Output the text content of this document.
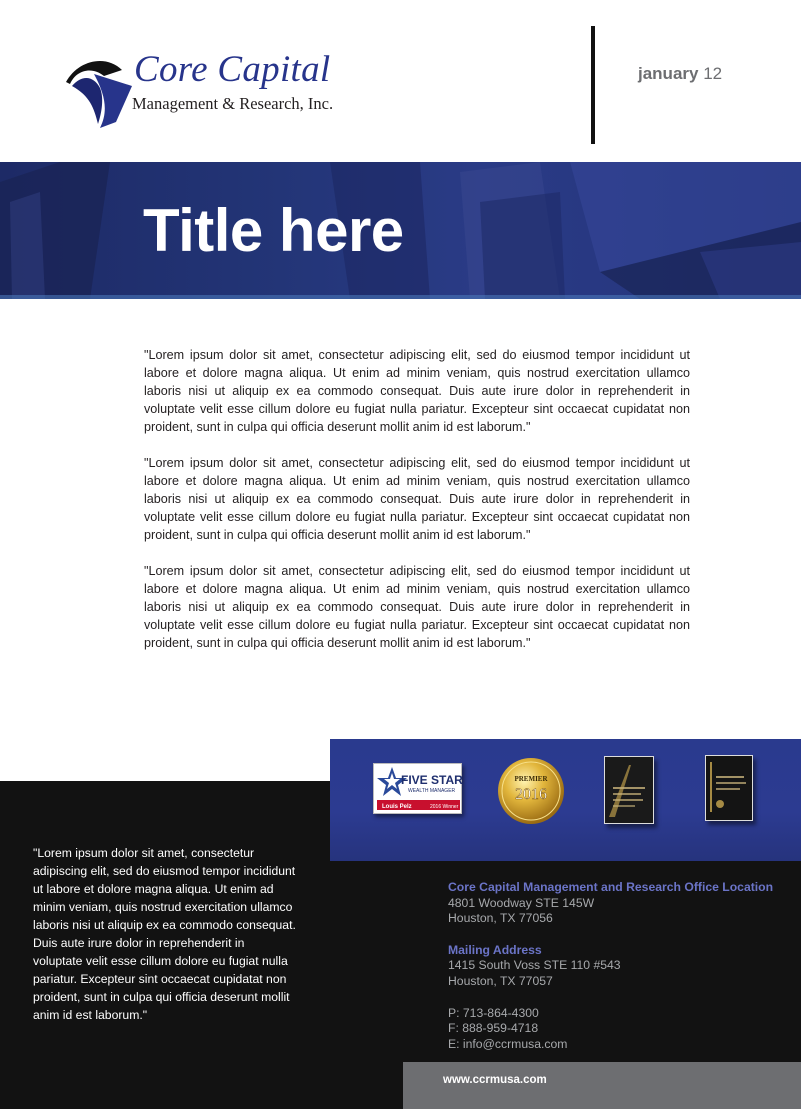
Core Capital
Management & Research, Inc.
january 12
Title here

"Lorem ipsum dolor sit amet, consectetur adipiscing elit, sed do eiusmod tempor incididunt ut labore et dolore magna aliqua. Ut enim ad minim veniam, quis nostrud exercitation ullamco laboris nisi ut aliquip ex ea commodo consequat. Duis aute irure dolor in reprehenderit in voluptate velit esse cillum dolore eu fugiat nulla pariatur. Excepteur sint occaecat cupidatat non proident, sunt in culpa qui officia deserunt mollit anim id est laborum."

"Lorem ipsum dolor sit amet, consectetur adipiscing elit, sed do eiusmod tempor incididunt ut labore et dolore magna aliqua. Ut enim ad minim veniam, quis nostrud exercitation ullamco laboris nisi ut aliquip ex ea commodo consequat. Duis aute irure dolor in reprehenderit in voluptate velit esse cillum dolore eu fugiat nulla pariatur. Excepteur sint occaecat cupidatat non proident, sunt in culpa qui officia deserunt mollit anim id est laborum."

"Lorem ipsum dolor sit amet, consectetur adipiscing elit, sed do eiusmod tempor incididunt ut labore et dolore magna aliqua. Ut enim ad minim veniam, quis nostrud exercitation ullamco laboris nisi ut aliquip ex ea commodo consequat. Duis aute irure dolor in reprehenderit in voluptate velit esse cillum dolore eu fugiat nulla pariatur. Excepteur sint occaecat cupidatat non proident, sunt in culpa qui officia deserunt mollit anim id est laborum."

FIVE STAR
WEALTH MANAGER
Louis Pelz	2016 Winner
PREMIER
2016
"Lorem ipsum dolor sit amet, consectetur adipiscing elit, sed do eiusmod tempor incididunt ut labore et dolore magna aliqua. Ut enim ad minim veniam, quis nostrud exercitation ullamco laboris nisi ut aliquip ex ea commodo consequat. Duis aute irure dolor in reprehenderit in voluptate velit esse cillum dolore eu fugiat nulla pariatur. Excepteur sint occaecat cupidatat non proident, sunt in culpa qui officia deserunt mollit anim id est laborum."
Core Capital Management and Research Office Location
4801 Woodway STE 145W
Houston, TX 77056
Mailing Address
1415 South Voss STE 110 #543
Houston, TX 77057
P: 713-864-4300
F: 888-959-4718
E: info@ccrmusa.com
www.ccrmusa.com
